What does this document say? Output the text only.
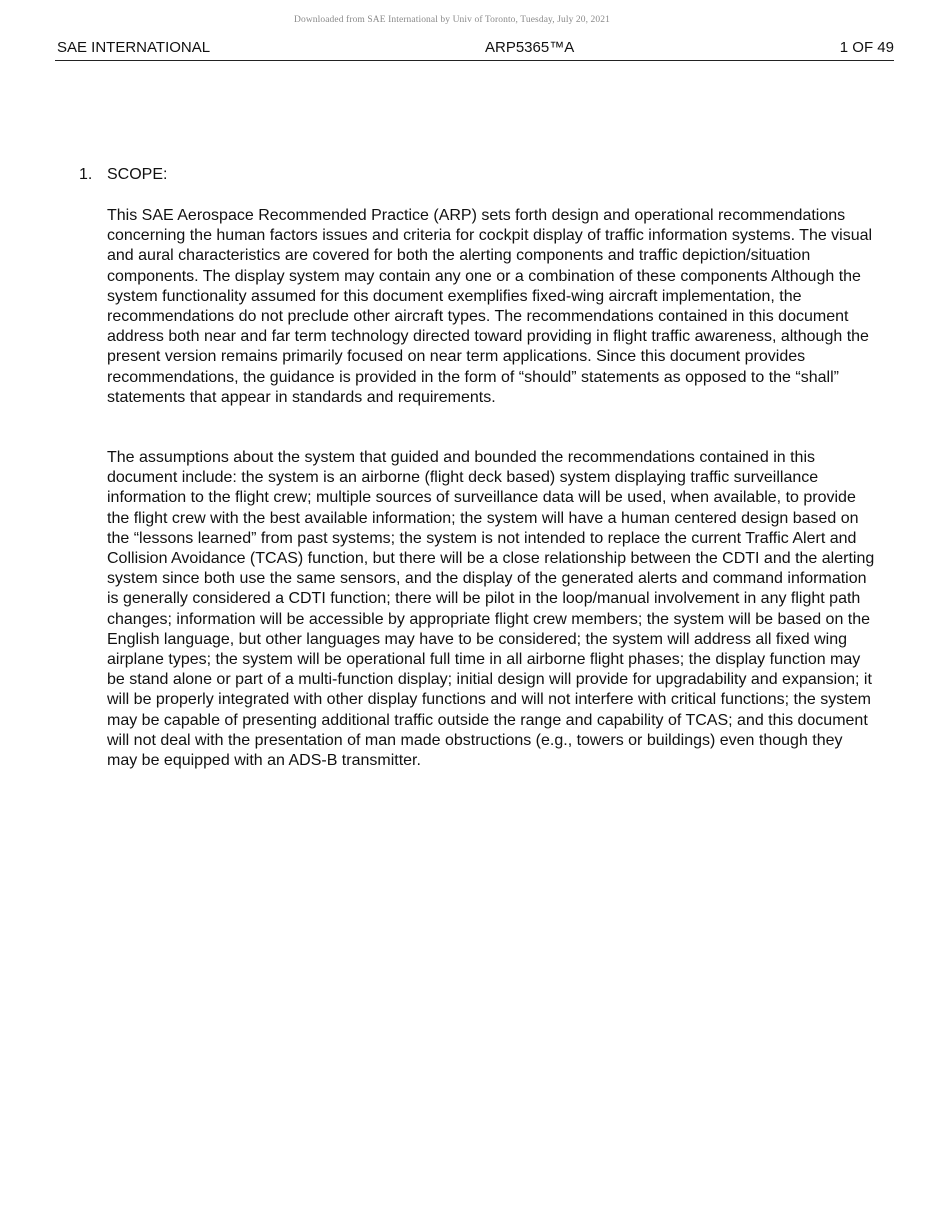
Downloaded from SAE International by Univ of Toronto, Tuesday, July 20, 2021
SAE INTERNATIONAL	ARP5365™A	1 OF 49
1. SCOPE:

This SAE Aerospace Recommended Practice (ARP) sets forth design and operational recommendations concerning the human factors issues and criteria for cockpit display of traffic information systems. The visual and aural characteristics are covered for both the alerting components and traffic depiction/situation components. The display system may contain any one or a combination of these components Although the system functionality assumed for this document exemplifies fixed-wing aircraft implementation, the recommendations do not preclude other aircraft types. The recommendations contained in this document address both near and far term technology directed toward providing in flight traffic awareness, although the present version remains primarily focused on near term applications. Since this document provides recommendations, the guidance is provided in the form of “should” statements as opposed to the “shall” statements that appear in standards and requirements.

The assumptions about the system that guided and bounded the recommendations contained in this document include: the system is an airborne (flight deck based) system displaying traffic surveillance information to the flight crew; multiple sources of surveillance data will be used, when available, to provide the flight crew with the best available information; the system will have a human centered design based on the “lessons learned” from past systems; the system is not intended to replace the current Traffic Alert and Collision Avoidance (TCAS) function, but there will be a close relationship between the CDTI and the alerting system since both use the same sensors, and the display of the generated alerts and command information is generally considered a CDTI function; there will be pilot in the loop/manual involvement in any flight path changes; information will be accessible by appropriate flight crew members; the system will be based on the English language, but other languages may have to be considered; the system will address all fixed wing airplane types; the system will be operational full time in all airborne flight phases; the display function may be stand alone or part of a multi-function display; initial design will provide for upgradability and expansion; it will be properly integrated with other display functions and will not interfere with critical functions; the system may be capable of presenting additional traffic outside the range and capability of TCAS; and this document will not deal with the presentation of man made obstructions (e.g., towers or buildings) even though they may be equipped with an ADS-B transmitter.
